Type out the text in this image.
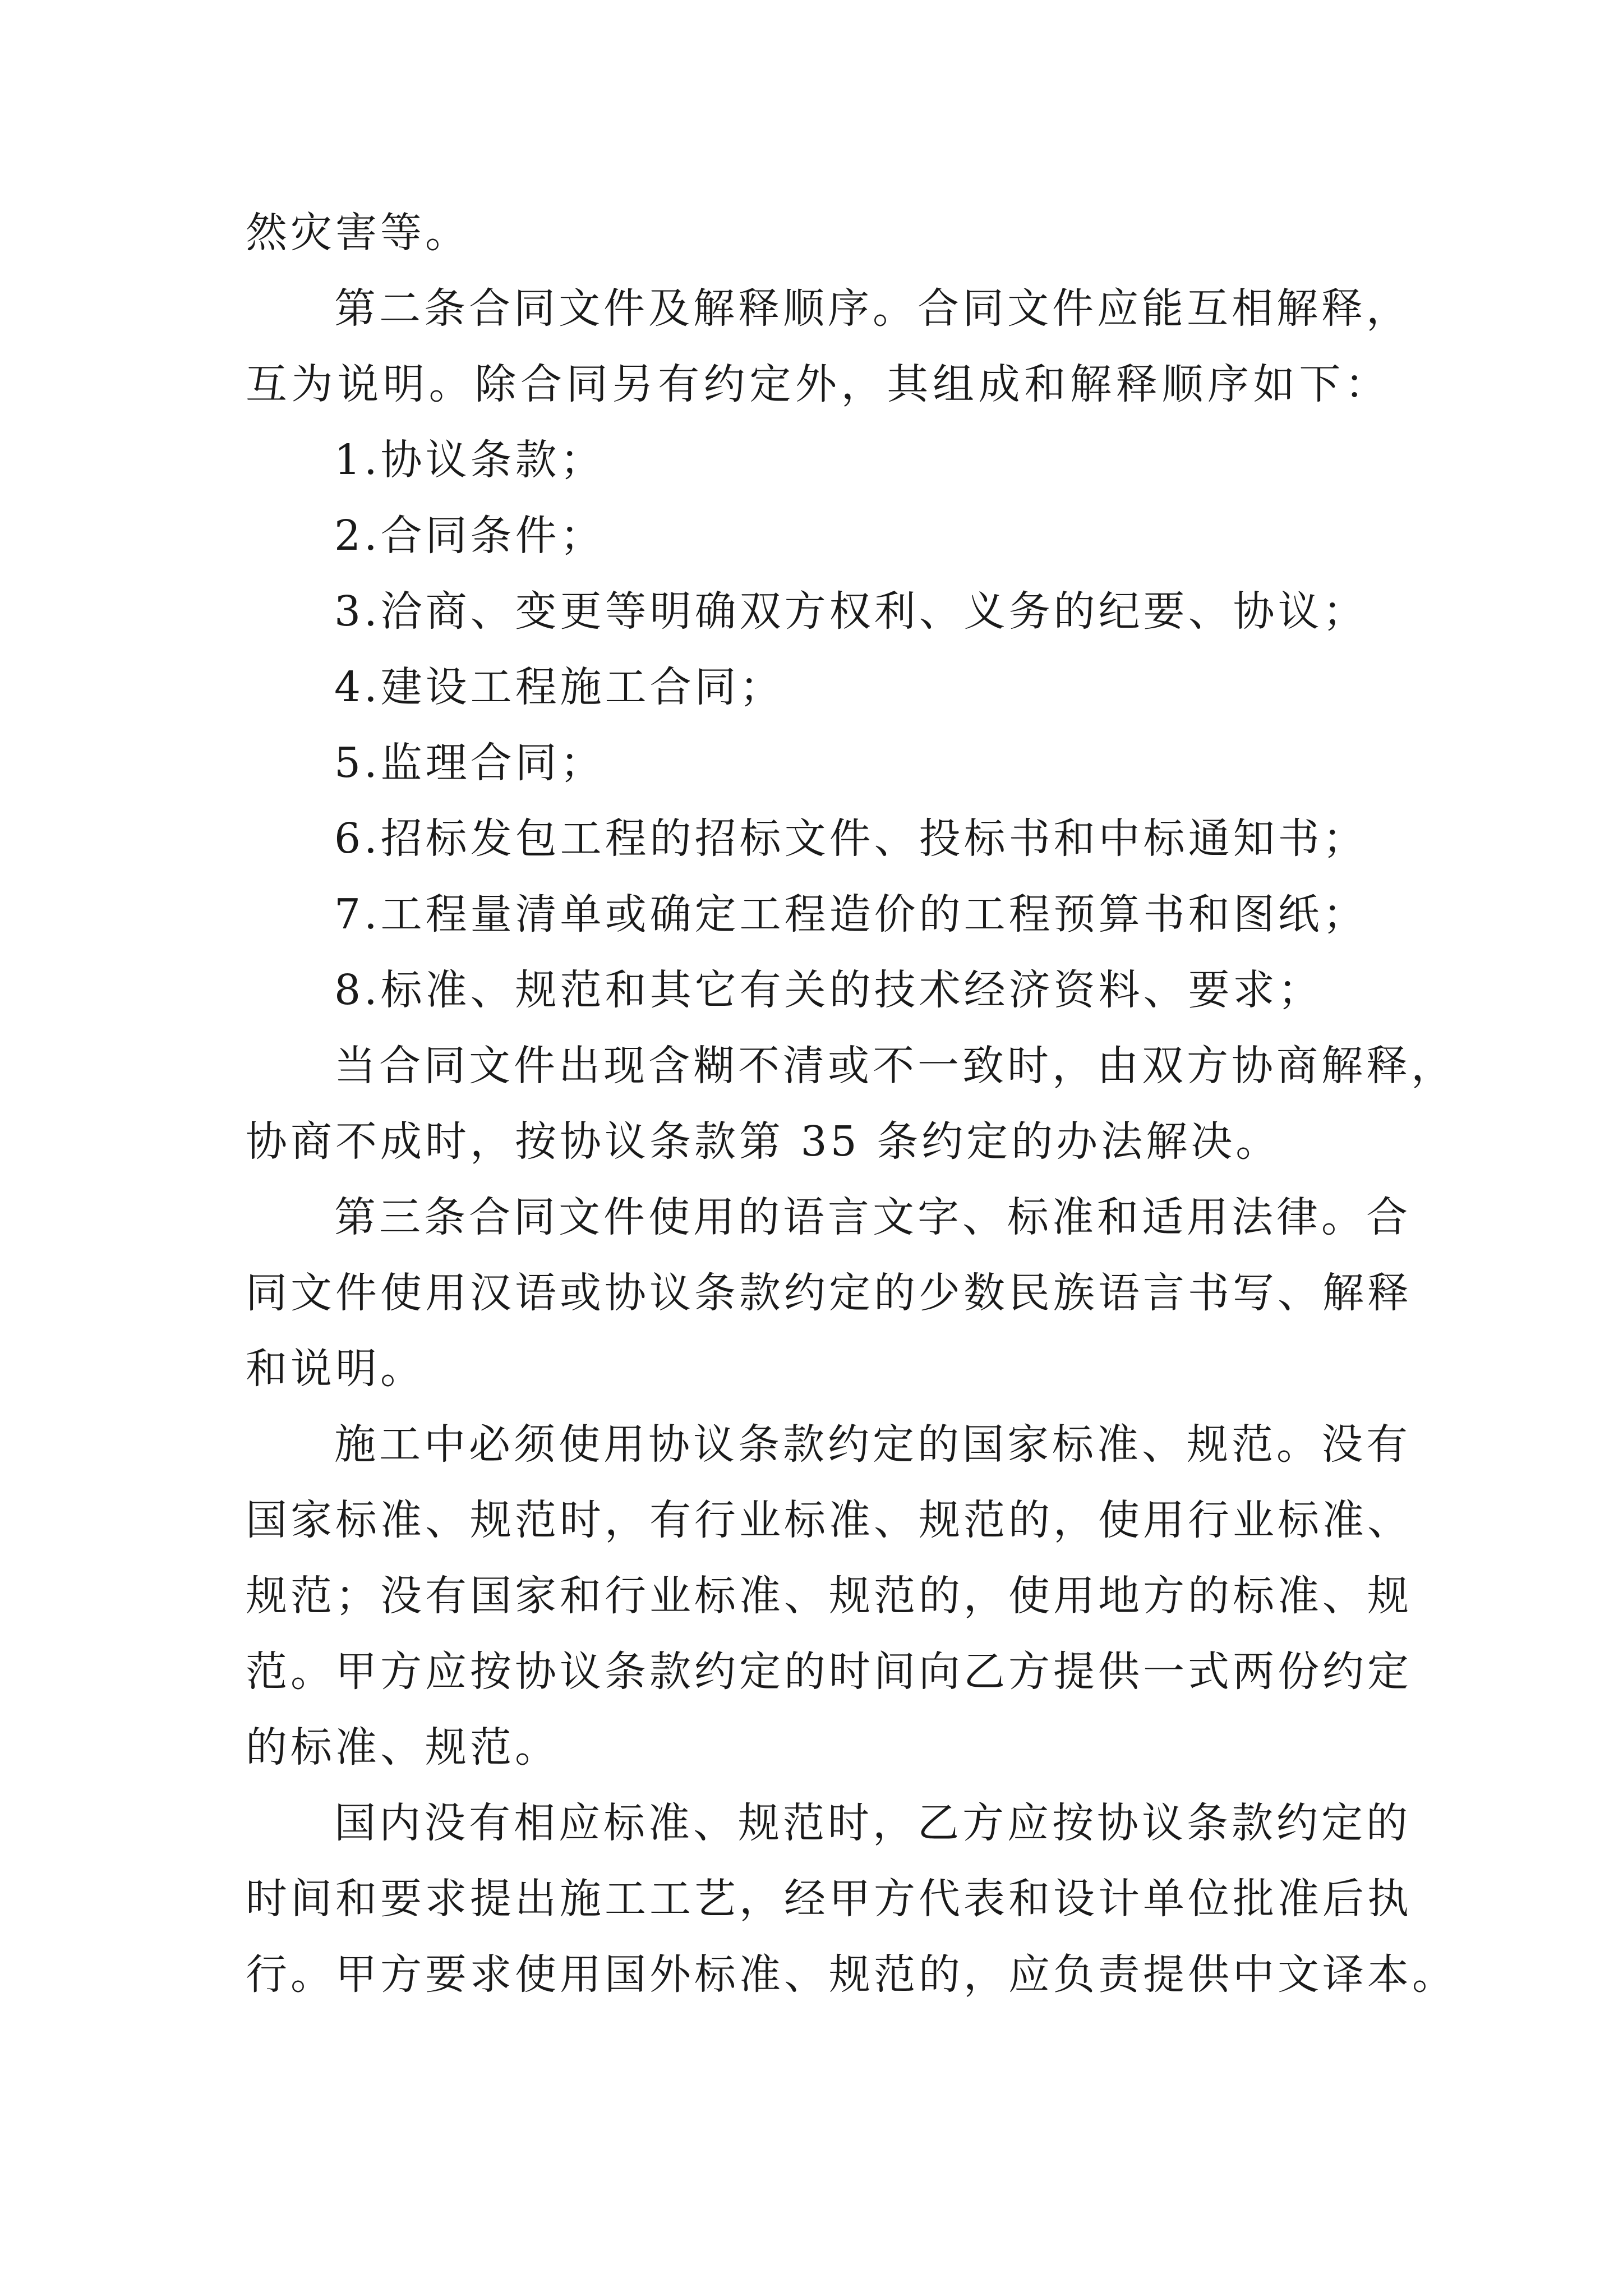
然灾害等。
第二条合同文件及解释顺序。合同文件应能互相解释，
互为说明。除合同另有约定外，其组成和解释顺序如下：
1.协议条款；
2.合同条件；
3.洽商、变更等明确双方权利、义务的纪要、协议；
4.建设工程施工合同；
5.监理合同；
6.招标发包工程的招标文件、投标书和中标通知书；
7.工程量清单或确定工程造价的工程预算书和图纸；
8.标准、规范和其它有关的技术经济资料、要求；
当合同文件出现含糊不清或不一致时，由双方协商解释，
协商不成时，按协议条款第 35 条约定的办法解决。
第三条合同文件使用的语言文字、标准和适用法律。合
同文件使用汉语或协议条款约定的少数民族语言书写、解释
和说明。
施工中必须使用协议条款约定的国家标准、规范。没有
国家标准、规范时，有行业标准、规范的，使用行业标准、
规范；没有国家和行业标准、规范的，使用地方的标准、规
范。甲方应按协议条款约定的时间向乙方提供一式两份约定
的标准、规范。
国内没有相应标准、规范时，乙方应按协议条款约定的
时间和要求提出施工工艺，经甲方代表和设计单位批准后执
行。甲方要求使用国外标准、规范的，应负责提供中文译本。
